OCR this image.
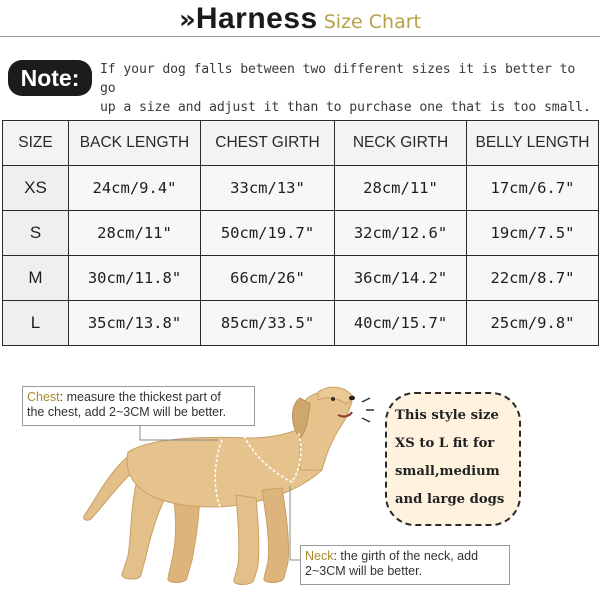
»Harness Size Chart
Note:	If your dog falls between two different sizes it is better to go
up a size and adjust it than to purchase one that is too small.
SIZE	BACK LENGTH	CHEST GIRTH	NECK GIRTH	BELLY LENGTH
XS	24cm/9.4"	33cm/13"	28cm/11"	17cm/6.7"
S	28cm/11"	50cm/19.7"	32cm/12.6"	19cm/7.5"
M	30cm/11.8"	66cm/26"	36cm/14.2"	22cm/8.7"
L	35cm/13.8"	85cm/33.5"	40cm/15.7"	25cm/9.8"
Chest: measure the thickest part of
the chest, add 2~3CM will be better.
Neck: the girth of the neck, add
2~3CM will be better.
This style size
XS to L fit for
small,medium
and large dogs
